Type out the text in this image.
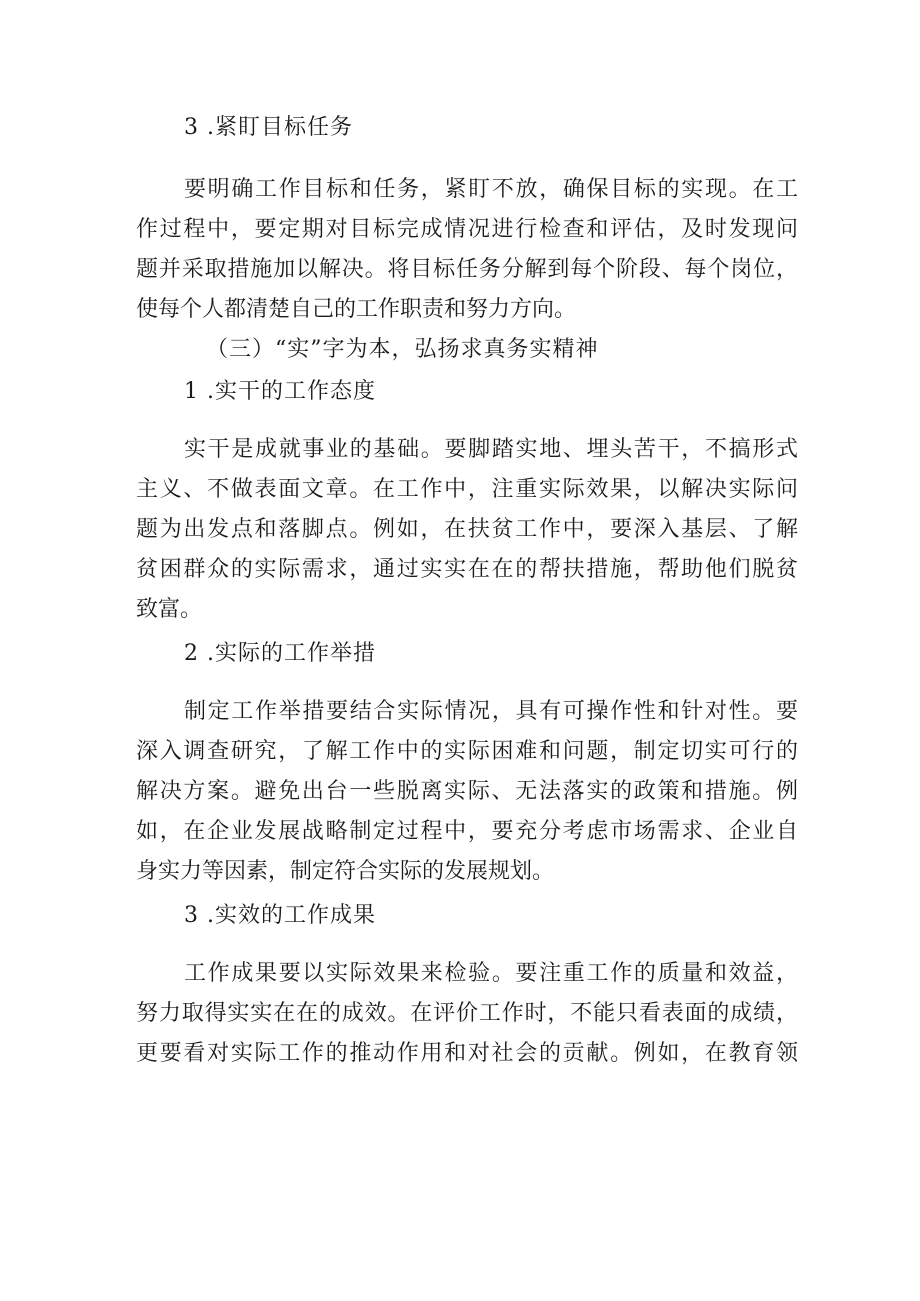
3 .紧盯目标任务

要明确工作目标和任务，紧盯不放，确保目标的实现。在工
作过程中，要定期对目标完成情况进行检查和评估，及时发现问
题并采取措施加以解决。将目标任务分解到每个阶段、每个岗位，
使每个人都清楚自己的工作职责和努力方向。

（三）“实”字为本，弘扬求真务实精神

1 .实干的工作态度

实干是成就事业的基础。要脚踏实地、埋头苦干，不搞形式
主义、不做表面文章。在工作中，注重实际效果，以解决实际问
题为出发点和落脚点。例如，在扶贫工作中，要深入基层、了解
贫困群众的实际需求，通过实实在在的帮扶措施，帮助他们脱贫
致富。

2 .实际的工作举措

制定工作举措要结合实际情况，具有可操作性和针对性。要
深入调查研究，了解工作中的实际困难和问题，制定切实可行的
解决方案。避免出台一些脱离实际、无法落实的政策和措施。例
如，在企业发展战略制定过程中，要充分考虑市场需求、企业自
身实力等因素，制定符合实际的发展规划。

3 .实效的工作成果

工作成果要以实际效果来检验。要注重工作的质量和效益，
努力取得实实在在的成效。在评价工作时，不能只看表面的成绩，
更要看对实际工作的推动作用和对社会的贡献。例如，在教育领
